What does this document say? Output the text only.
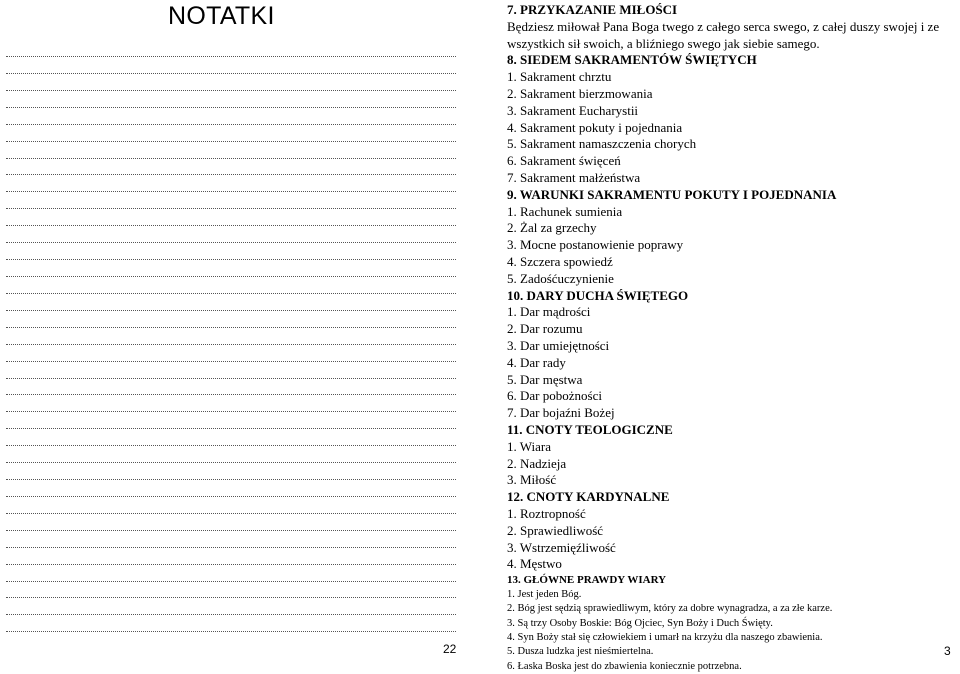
NOTATKI
22
7. PRZYKAZANIE MIŁOŚCI
Będziesz miłował Pana Boga twego z całego serca swego, z całej duszy swojej i ze wszystkich sił swoich, a bliźniego swego jak siebie samego.
8. SIEDEM SAKRAMENTÓW ŚWIĘTYCH
1. Sakrament chrztu
2. Sakrament bierzmowania
3. Sakrament Eucharystii
4. Sakrament pokuty i pojednania
5. Sakrament namaszczenia chorych
6. Sakrament święceń
7. Sakrament małżeństwa
9. WARUNKI SAKRAMENTU POKUTY I POJEDNANIA
1. Rachunek sumienia
2. Żal za grzechy
3. Mocne postanowienie poprawy
4. Szczera spowiedź
5. Zadośćuczynienie
10. DARY DUCHA ŚWIĘTEGO
1. Dar mądrości
2. Dar rozumu
3. Dar umiejętności
4. Dar rady
5. Dar męstwa
6. Dar pobożności
7. Dar bojaźni Bożej
11. CNOTY TEOLOGICZNE
1. Wiara
2. Nadzieja
3. Miłość
12. CNOTY KARDYNALNE
1. Roztropność
2. Sprawiedliwość
3. Wstrzemięźliwość
4. Męstwo
13. GŁÓWNE PRAWDY WIARY
1. Jest jeden Bóg.
2. Bóg jest sędzią sprawiedliwym, który za dobre wynagradza, a za złe karze.
3. Są trzy Osoby Boskie: Bóg Ojciec, Syn Boży i Duch Święty.
4. Syn Boży stał się człowiekiem i umarł na krzyżu dla naszego zbawienia.
5. Dusza ludzka jest nieśmiertelna.
6. Łaska Boska jest do zbawienia koniecznie potrzebna.
3
